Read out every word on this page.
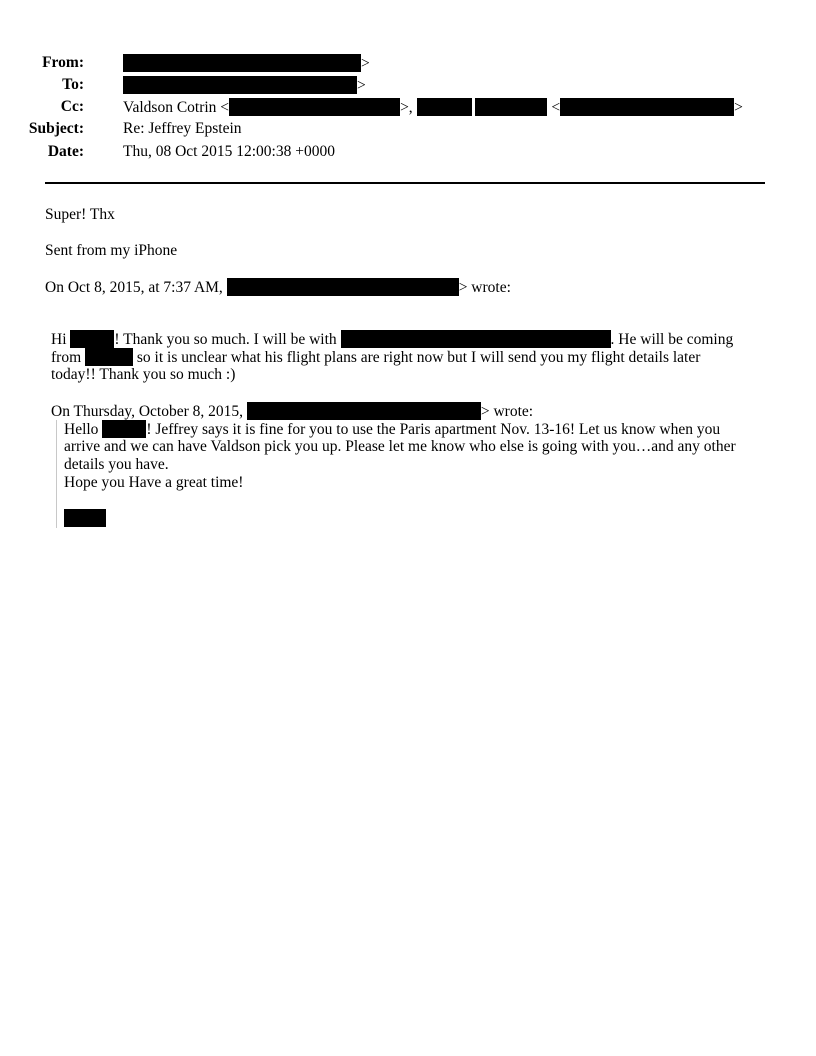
From:	>
To:	>
Cc:	Valdson Cotrin <	>,	<	>
Subject:	Re: Jeffrey Epstein
Date:	Thu, 08 Oct 2015 12:00:38 +0000
Super! Thx
Sent from my iPhone
On Oct 8, 2015, at 7:37 AM,	> wrote:
Hi	! Thank you so much. I will be with	. He will be coming
from	so it is unclear what his flight plans are right now but I will send you my flight details later
today!! Thank you so much :)
On Thursday, October 8, 2015,	> wrote:
Hello	! Jeffrey says it is fine for you to use the Paris apartment Nov. 13-16! Let us know when you
arrive and we can have Valdson pick you up. Please let me know who else is going with you…and any other
details you have.
Hope you Have a great time!
